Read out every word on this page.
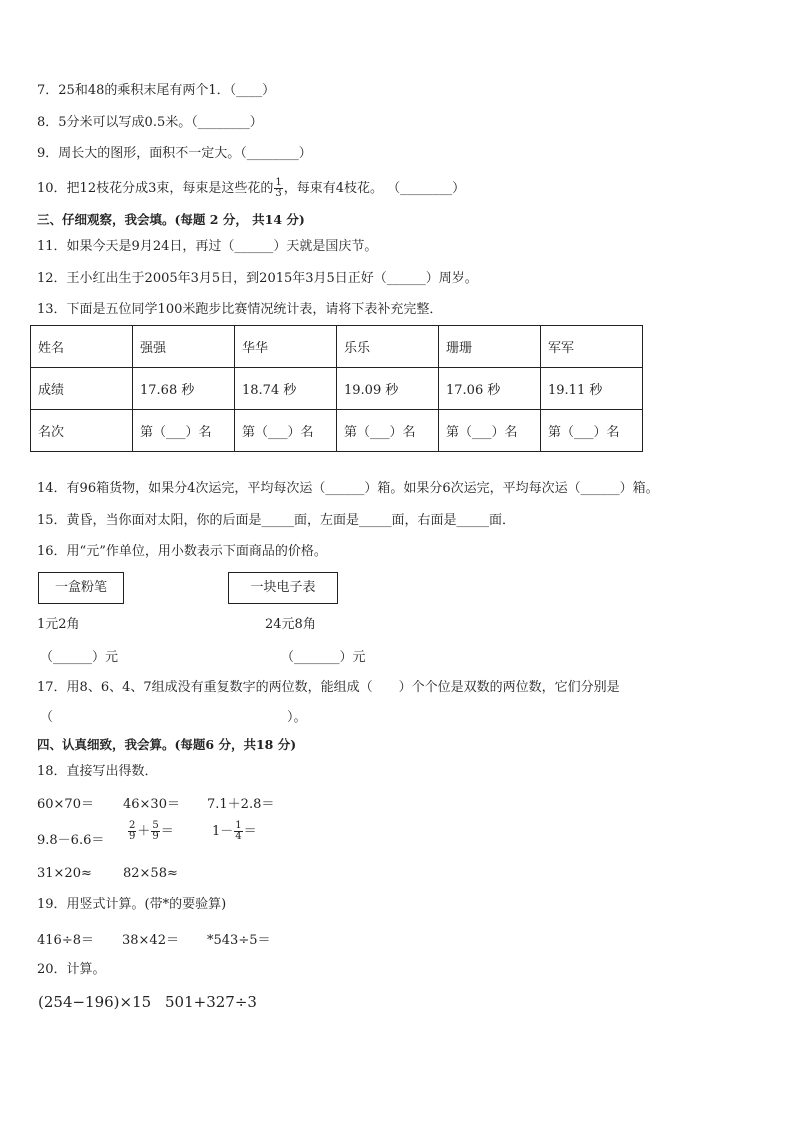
7．25和48的乘积末尾有两个1．（____）
8．5分米可以写成0.5米。（________）
9．周长大的图形，面积不一定大。（________）
10．把12枝花分成3束，每束是这些花的 $\frac{1}{3}$ ，每束有4枝花。 （________）
三、仔细观察，我会填。(每题 2 分， 共14 分)
11．如果今天是9月24日，再过（______）天就是国庆节。
12．王小红出生于2005年3月5日，到2015年3月5日正好（______）周岁。
13．下面是五位同学100米跑步比赛情况统计表，请将下表补充完整．
姓名	强强	华华	乐乐	珊珊	军军
成绩	17.68 秒	18.74 秒	19.09 秒	17.06 秒	19.11 秒
名次	第（___）名	第（___）名	第（___）名	第（___）名	第（___）名
14．有96箱货物，如果分4次运完，平均每次运（______）箱。如果分6次运完，平均每次运（______）箱。
15．黄昏，当你面对太阳，你的后面是_____面，左面是_____面，右面是_____面．
16．用“元”作单位，用小数表示下面商品的价格。
一盒粉笔	一块电子表
1元2角	24元8角
（______）元	（_______）元
17．用8、6、4、7组成没有重复数字的两位数，能组成（　　）个个位是双数的两位数，它们分别是
（　　　　　　　　　　　　　　　　　　）。
四、认真细致，我会算。(每题6 分，共18 分)
18．直接写出得数．
60×70＝ 46×30＝ 7.1＋2.8＝
$9.8-6.6= \frac{2}{9} + \frac{5}{9}$ ＝	$1- \frac{1}{4}$ ＝
31×20≈ 82×58≈
19．用竖式计算。(带*的要验算)
416÷8＝ 38×42＝ *543÷5＝
20．计算。
(254−196)×15 501+327÷3
